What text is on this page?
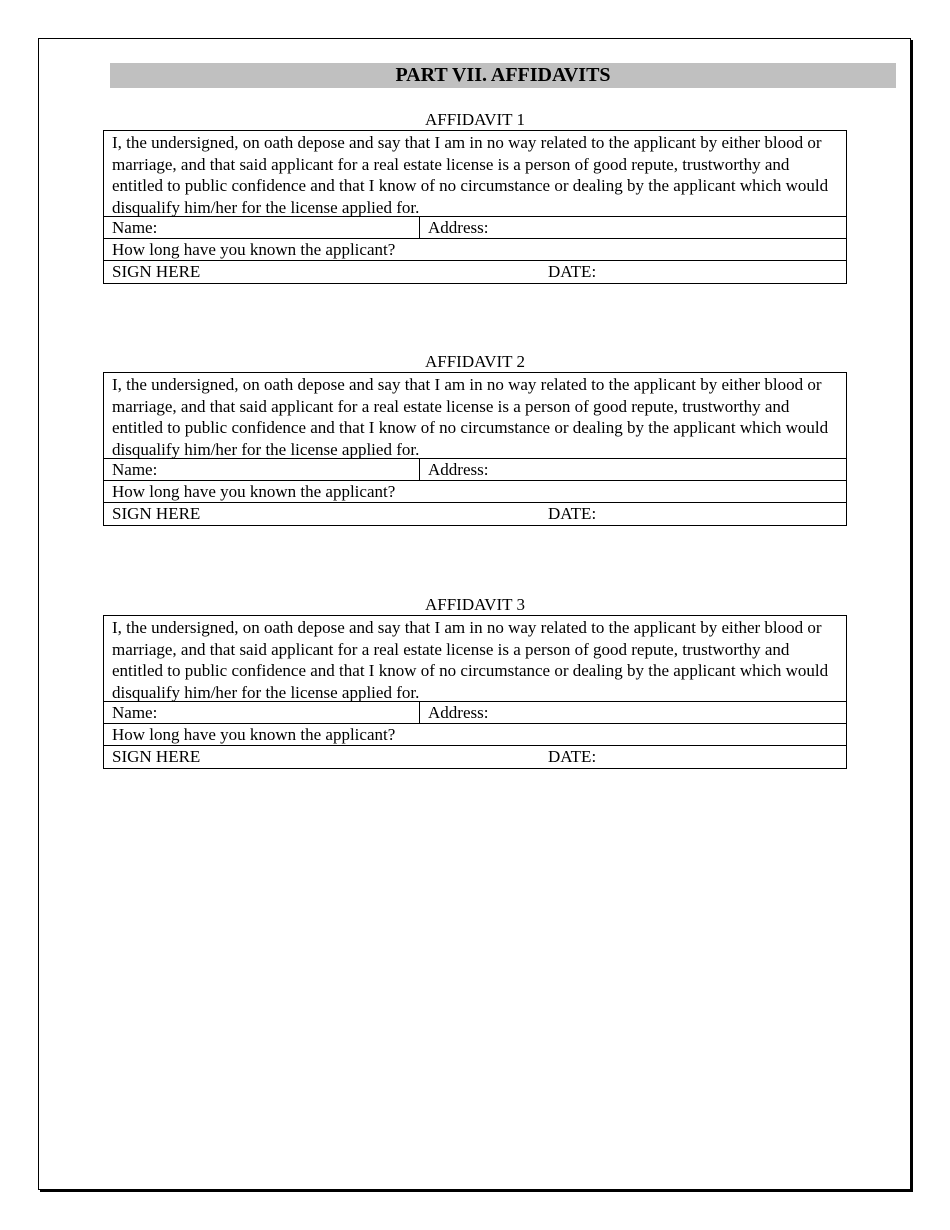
PART VII. AFFIDAVITS
AFFIDAVIT 1
I, the undersigned, on oath depose and say that I am in no way related to the applicant by either blood or marriage, and that said applicant for a real estate license is a person of good repute, trustworthy and entitled to public confidence and that I know of no circumstance or dealing by the applicant which would disqualify him/her for the license applied for.
Name:	Address:
How long have you known the applicant?
SIGN HERE	DATE:
AFFIDAVIT 2
I, the undersigned, on oath depose and say that I am in no way related to the applicant by either blood or marriage, and that said applicant for a real estate license is a person of good repute, trustworthy and entitled to public confidence and that I know of no circumstance or dealing by the applicant which would disqualify him/her for the license applied for.
Name:	Address:
How long have you known the applicant?
SIGN HERE	DATE:
AFFIDAVIT 3
I, the undersigned, on oath depose and say that I am in no way related to the applicant by either blood or marriage, and that said applicant for a real estate license is a person of good repute, trustworthy and entitled to public confidence and that I know of no circumstance or dealing by the applicant which would disqualify him/her for the license applied for.
Name:	Address:
How long have you known the applicant?
SIGN HERE	DATE:
